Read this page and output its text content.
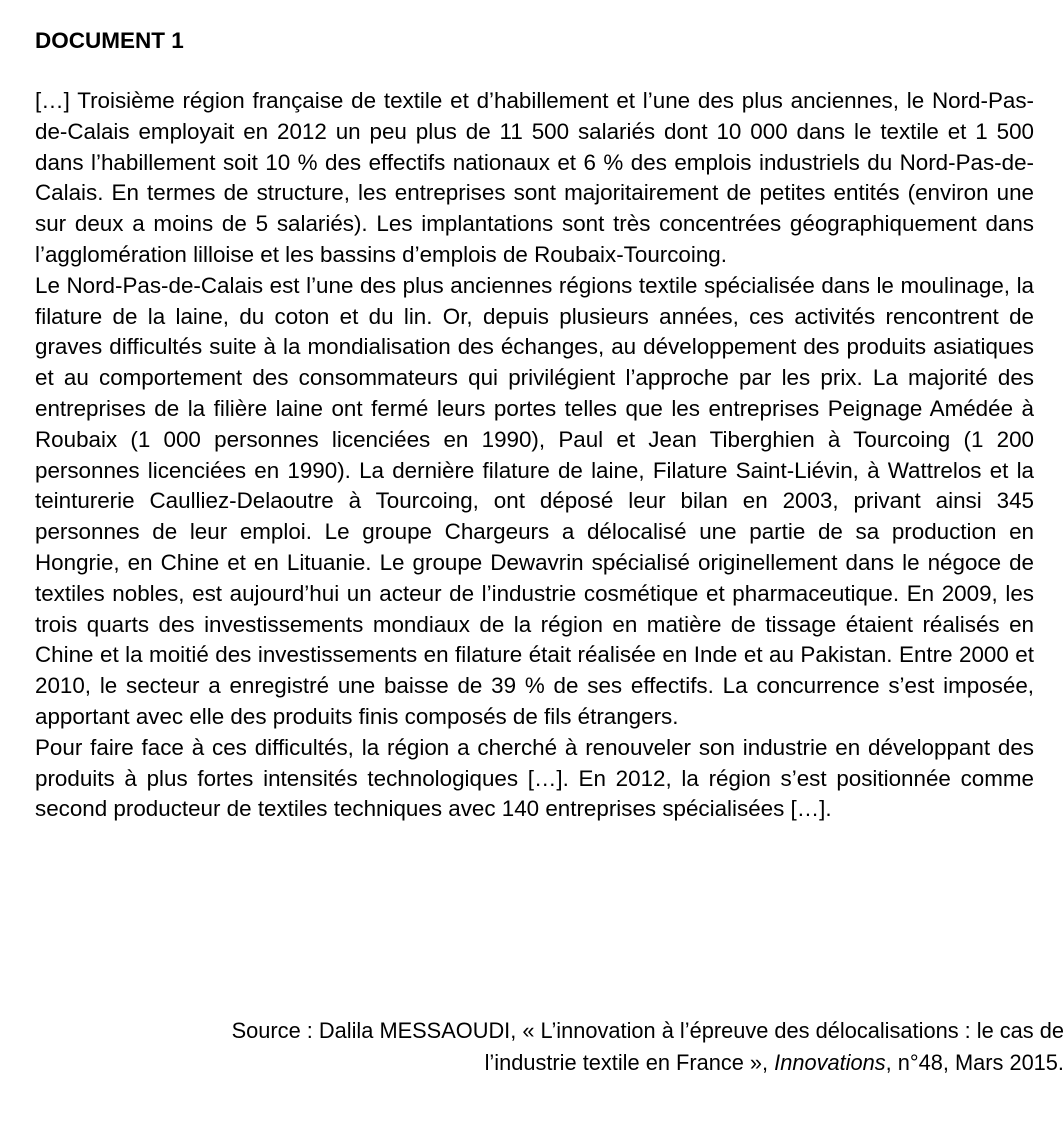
DOCUMENT 1

[…] Troisième région française de textile et d’habillement et l’une des plus anciennes, le Nord-Pas-de-Calais employait en 2012 un peu plus de 11 500 salariés dont 10 000 dans le textile et 1 500 dans l’habillement soit 10 % des effectifs nationaux et 6 % des emplois industriels du Nord-Pas-de-Calais. En termes de structure, les entreprises sont majoritairement de petites entités (environ une sur deux a moins de 5 salariés). Les implantations sont très concentrées géographiquement dans l’agglomération lilloise et les bassins d’emplois de Roubaix-Tourcoing.

Le Nord-Pas-de-Calais est l’une des plus anciennes régions textile spécialisée dans le moulinage, la filature de la laine, du coton et du lin. Or, depuis plusieurs années, ces activités rencontrent de graves difficultés suite à la mondialisation des échanges, au développement des produits asiatiques et au comportement des consommateurs qui privilégient l’approche par les prix. La majorité des entreprises de la filière laine ont fermé leurs portes telles que les entreprises Peignage Amédée à Roubaix (1 000 personnes licenciées en 1990), Paul et Jean Tiberghien à Tourcoing (1 200 personnes licenciées en 1990). La dernière filature de laine, Filature Saint-Liévin, à Wattrelos et la teinturerie Caulliez-Delaoutre à Tourcoing, ont déposé leur bilan en 2003, privant ainsi 345 personnes de leur emploi. Le groupe Chargeurs a délocalisé une partie de sa production en Hongrie, en Chine et en Lituanie. Le groupe Dewavrin spécialisé originellement dans le négoce de textiles nobles, est aujourd’hui un acteur de l’industrie cosmétique et pharmaceutique. En 2009, les trois quarts des investissements mondiaux de la région en matière de tissage étaient réalisés en Chine et la moitié des investissements en filature était réalisée en Inde et au Pakistan. Entre 2000 et 2010, le secteur a enregistré une baisse de 39 % de ses effectifs. La concurrence s’est imposée, apportant avec elle des produits finis composés de fils étrangers.

Pour faire face à ces difficultés, la région a cherché à renouveler son industrie en développant des produits à plus fortes intensités technologiques […]. En 2012, la région s’est positionnée comme second producteur de textiles techniques avec 140 entreprises spécialisées […].

Source : Dalila MESSAOUDI, « L’innovation à l’épreuve des délocalisations : le cas de
l’industrie textile en France », Innovations, n°48, Mars 2015.
